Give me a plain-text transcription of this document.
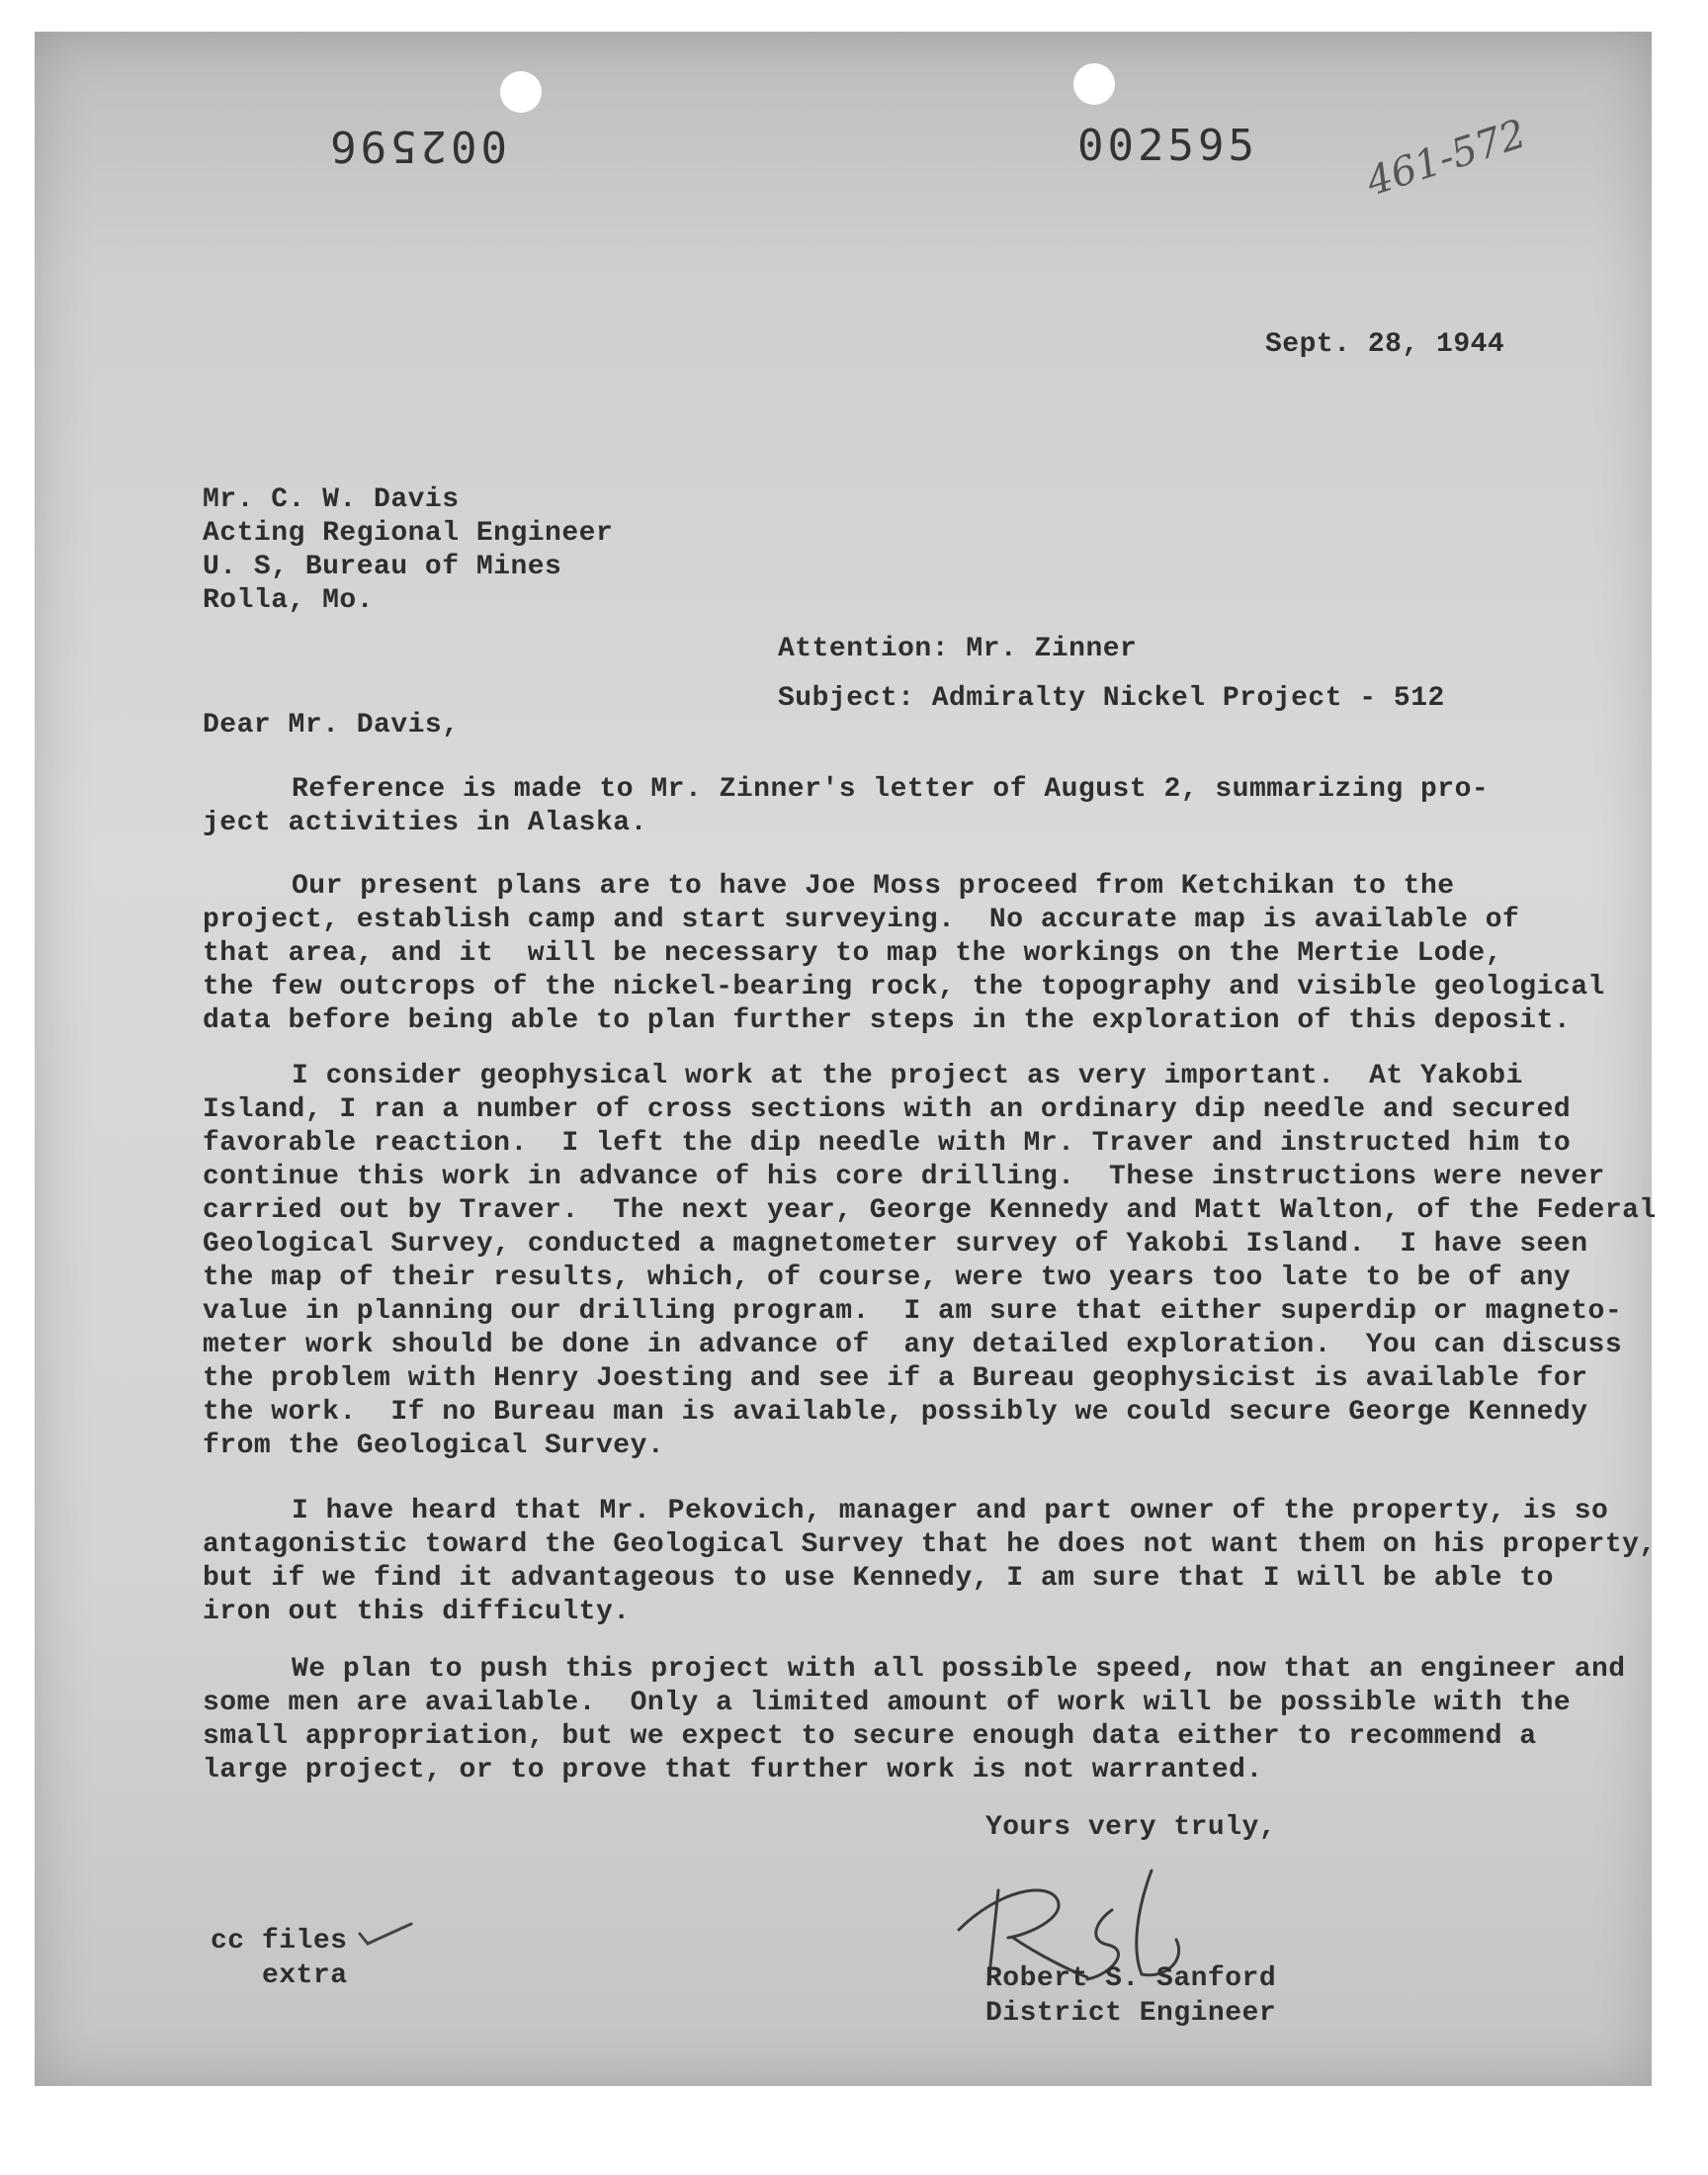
002596	002595	461-572
Sept. 28, 1944
Mr. C. W. Davis
Acting Regional Engineer
U. S, Bureau of Mines
Rolla, Mo.
Attention: Mr. Zinner
Subject: Admiralty Nickel Project - 512
Dear Mr. Davis,
Reference is made to Mr. Zinner's letter of August 2, summarizing pro-
ject activities in Alaska.
Our present plans are to have Joe Moss proceed from Ketchikan to the
project, establish camp and start surveying.  No accurate map is available of
that area, and it  will be necessary to map the workings on the Mertie Lode,
the few outcrops of the nickel-bearing rock, the topography and visible geological
data before being able to plan further steps in the exploration of this deposit.
I consider geophysical work at the project as very important.  At Yakobi
Island, I ran a number of cross sections with an ordinary dip needle and secured
favorable reaction.  I left the dip needle with Mr. Traver and instructed him to
continue this work in advance of his core drilling.  These instructions were never
carried out by Traver.  The next year, George Kennedy and Matt Walton, of the Federal
Geological Survey, conducted a magnetometer survey of Yakobi Island.  I have seen
the map of their results, which, of course, were two years too late to be of any
value in planning our drilling program.  I am sure that either superdip or magneto-
meter work should be done in advance of  any detailed exploration.  You can discuss
the problem with Henry Joesting and see if a Bureau geophysicist is available for
the work.  If no Bureau man is available, possibly we could secure George Kennedy
from the Geological Survey.
I have heard that Mr. Pekovich, manager and part owner of the property, is so
antagonistic toward the Geological Survey that he does not want them on his property,
but if we find it advantageous to use Kennedy, I am sure that I will be able to
iron out this difficulty.
We plan to push this project with all possible speed, now that an engineer and
some men are available.  Only a limited amount of work will be possible with the
small appropriation, but we expect to secure enough data either to recommend a
large project, or to prove that further work is not warranted.
Yours very truly,
Robert S. Sanford
District Engineer
cc files
extra
